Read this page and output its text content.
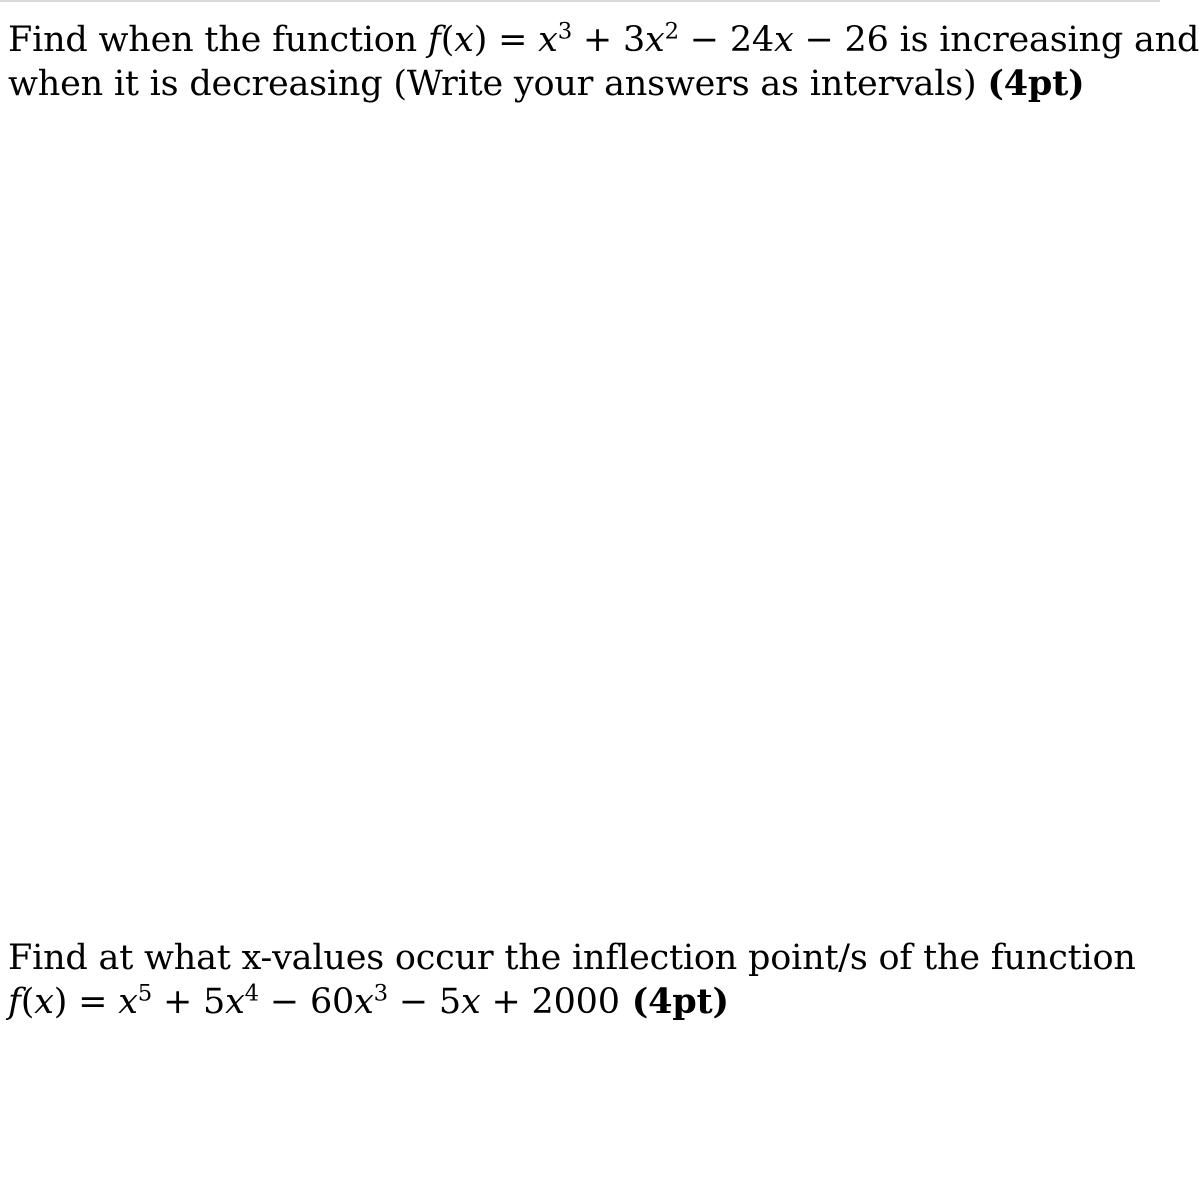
Find when the function $f(x) = x^3 + 3x^2 - 24x - 26$ is increasing and
when it is decreasing (Write your answers as intervals) (4pt)
Find at what x-values occur the inflection point/s of the function
$f(x) = x^5 + 5x^4 - 60x^3 - 5x + 2000$ (4pt)
